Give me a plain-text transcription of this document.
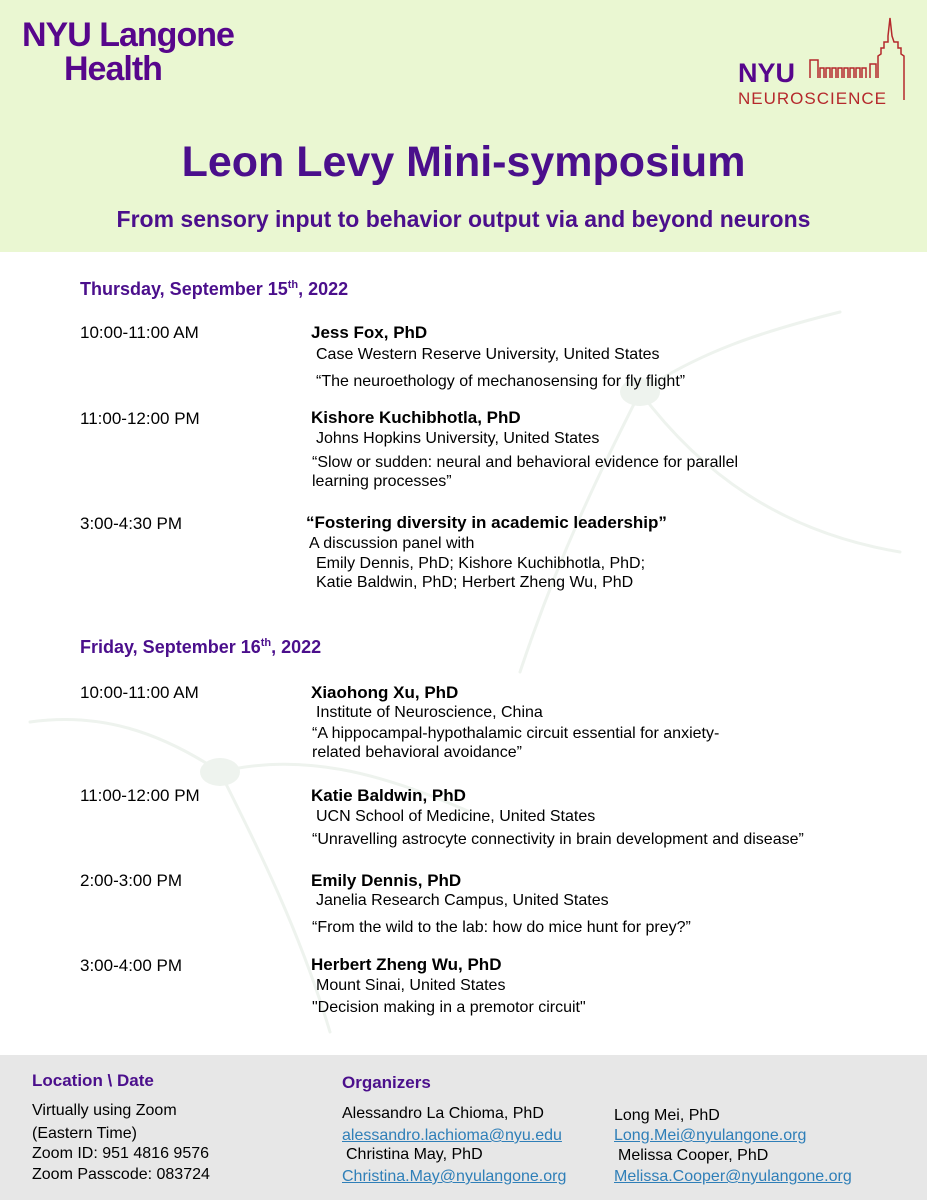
NYU Langone
Health	NYU
NEUROSCIENCE
Leon Levy Mini-symposium
From sensory input to behavior output via and beyond neurons
Thursday, September 15th, 2022
10:00-11:00 AM	Jess Fox, PhD
Case Western Reserve University, United States
“The neuroethology of mechanosensing for fly flight”
11:00-12:00 PM	Kishore Kuchibhotla, PhD
Johns Hopkins University, United States
“Slow or sudden: neural and behavioral evidence for parallel
learning processes”
3:00-4:30 PM	“Fostering diversity in academic leadership”
A discussion panel with
Emily Dennis, PhD; Kishore Kuchibhotla, PhD;
Katie Baldwin, PhD; Herbert Zheng Wu, PhD
Friday, September 16th, 2022
10:00-11:00 AM	Xiaohong Xu, PhD
Institute of Neuroscience, China
“A hippocampal-hypothalamic circuit essential for anxiety-
related behavioral avoidance”
11:00-12:00 PM	Katie Baldwin, PhD
UCN School of Medicine, United States
“Unravelling astrocyte connectivity in brain development and disease”
2:00-3:00 PM	Emily Dennis, PhD
Janelia Research Campus, United States
“From the wild to the lab: how do mice hunt for prey?”
3:00-4:00 PM	Herbert Zheng Wu, PhD
Mount Sinai, United States
"Decision making in a premotor circuit"
Location \ Date
Virtually using Zoom
(Eastern Time)
Zoom ID: 951 4816 9576
Zoom Passcode: 083724
Organizers
Alessandro La Chioma, PhD
alessandro.lachioma@nyu.edu
Christina May, PhD
Christina.May@nyulangone.org
Long Mei, PhD
Long.Mei@nyulangone.org
Melissa Cooper, PhD
Melissa.Cooper@nyulangone.org
